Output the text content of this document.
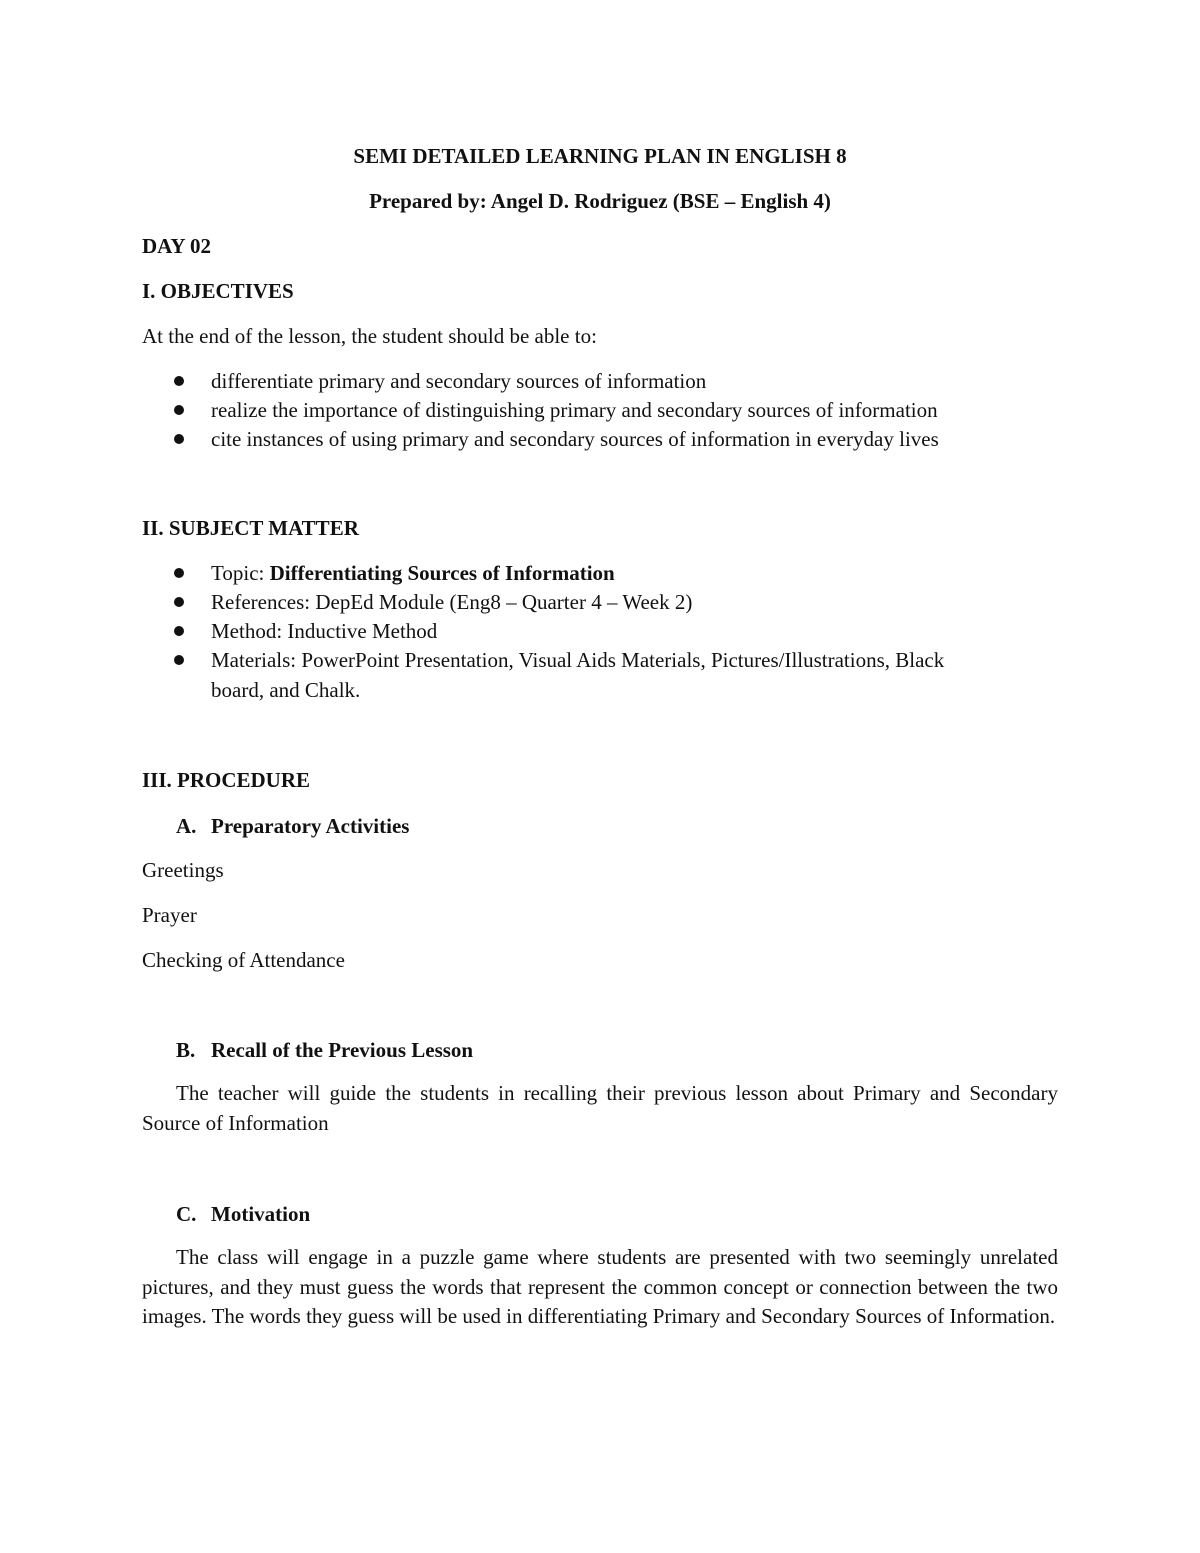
SEMI DETAILED LEARNING PLAN IN ENGLISH 8
Prepared by: Angel D. Rodriguez (BSE – English 4)
DAY 02
I. OBJECTIVES
At the end of the lesson, the student should be able to:
differentiate primary and secondary sources of information
realize the importance of distinguishing primary and secondary sources of information
cite instances of using primary and secondary sources of information in everyday lives
II. SUBJECT MATTER
Topic: Differentiating Sources of Information
References: DepEd Module (Eng8 – Quarter 4 – Week 2)
Method: Inductive Method
Materials: PowerPoint Presentation, Visual Aids Materials, Pictures/Illustrations, Black
board, and Chalk.
III. PROCEDURE
A. Preparatory Activities
Greetings
Prayer
Checking of Attendance
B. Recall of the Previous Lesson
The teacher will guide the students in recalling their previous lesson about Primary and Secondary Source of Information
C. Motivation
The class will engage in a puzzle game where students are presented with two seemingly unrelated pictures, and they must guess the words that represent the common concept or connection between the two images. The words they guess will be used in differentiating Primary and Secondary Sources of Information.
